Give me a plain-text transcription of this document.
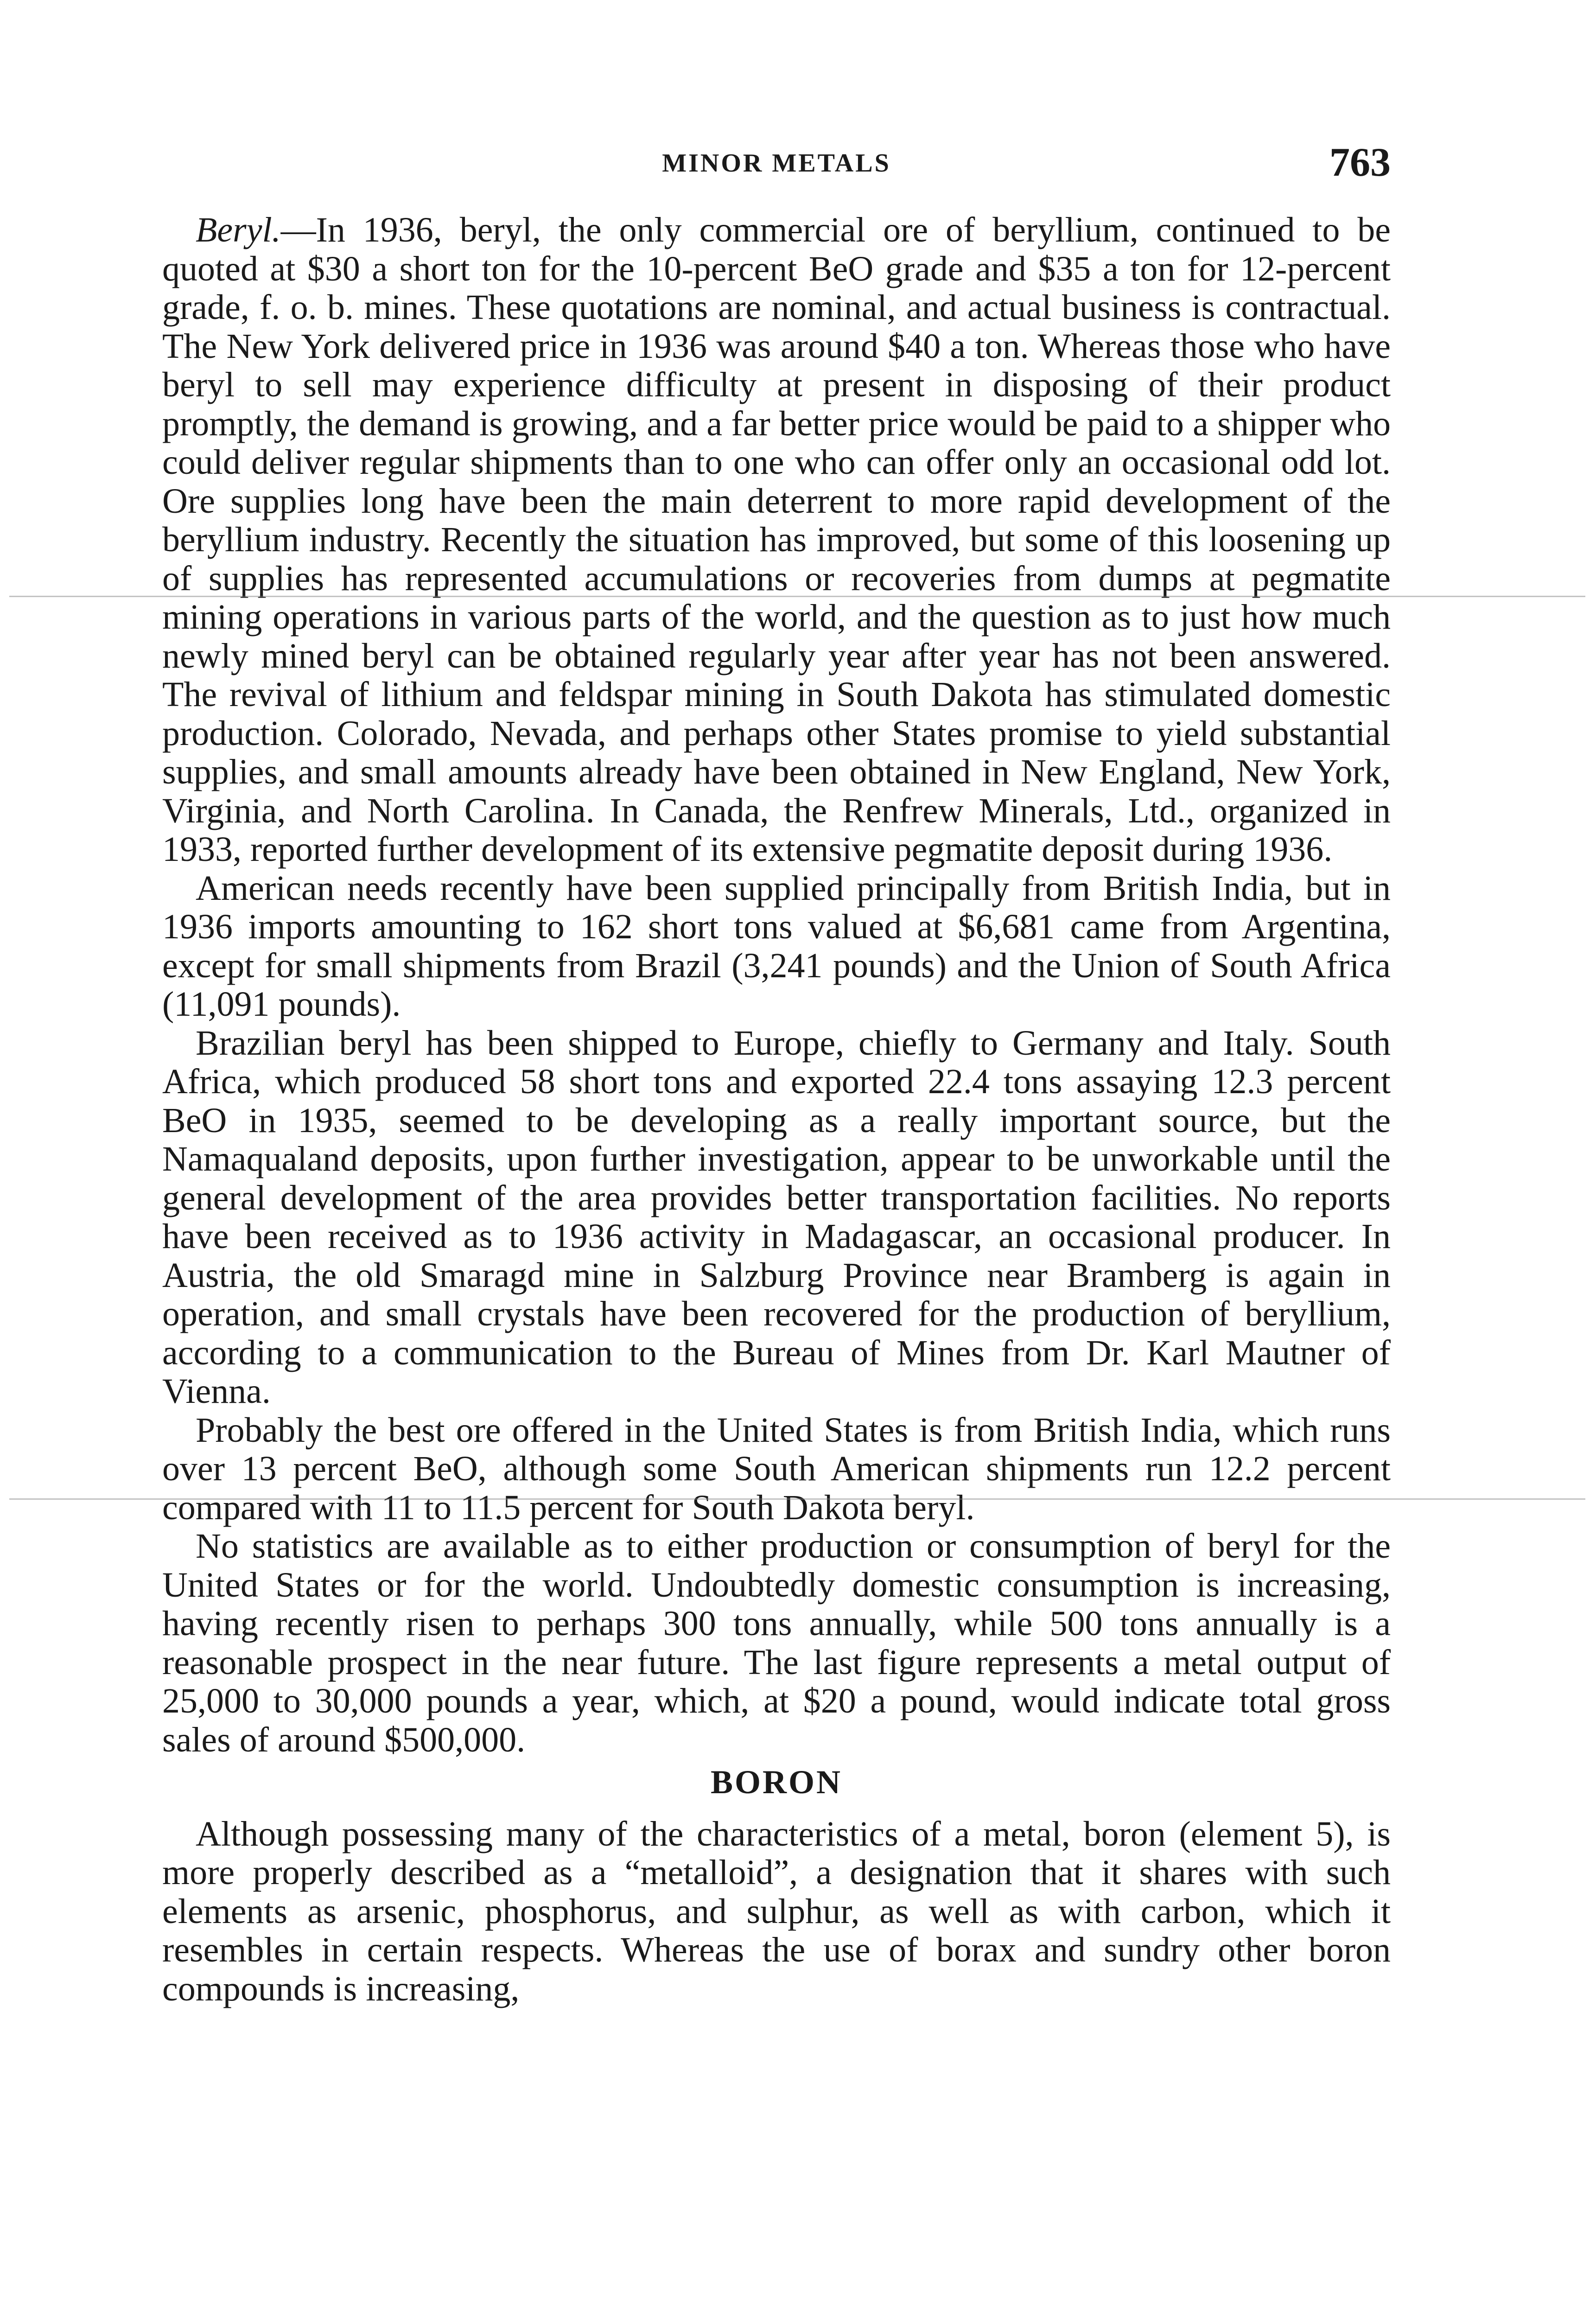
MINOR METALS	763

Beryl.—In 1936, beryl, the only commercial ore of beryllium, continued to be quoted at $30 a short ton for the 10-percent BeO grade and $35 a ton for 12-percent grade, f. o. b. mines. These quotations are nominal, and actual business is contractual. The New York delivered price in 1936 was around $40 a ton. Whereas those who have beryl to sell may experience difficulty at present in disposing of their product promptly, the demand is growing, and a far better price would be paid to a shipper who could deliver regular shipments than to one who can offer only an occasional odd lot. Ore supplies long have been the main deterrent to more rapid development of the beryllium industry. Recently the situation has improved, but some of this loosening up of supplies has represented accumulations or recoveries from dumps at pegmatite mining operations in various parts of the world, and the question as to just how much newly mined beryl can be obtained regularly year after year has not been answered. The revival of lithium and feldspar mining in South Dakota has stimulated domestic production. Colorado, Nevada, and perhaps other States promise to yield substantial supplies, and small amounts already have been obtained in New England, New York, Virginia, and North Carolina. In Canada, the Renfrew Minerals, Ltd., organized in 1933, reported further development of its extensive pegmatite deposit during 1936.

American needs recently have been supplied principally from British India, but in 1936 imports amounting to 162 short tons valued at $6,681 came from Argentina, except for small shipments from Brazil (3,241 pounds) and the Union of South Africa (11,091 pounds).

Brazilian beryl has been shipped to Europe, chiefly to Germany and Italy. South Africa, which produced 58 short tons and exported 22.4 tons assaying 12.3 percent BeO in 1935, seemed to be developing as a really important source, but the Namaqualand deposits, upon further investigation, appear to be unworkable until the general development of the area provides better transportation facilities. No reports have been received as to 1936 activity in Madagascar, an occasional producer. In Austria, the old Smaragd mine in Salzburg Province near Bramberg is again in operation, and small crystals have been recovered for the production of beryllium, according to a communication to the Bureau of Mines from Dr. Karl Mautner of Vienna.

Probably the best ore offered in the United States is from British India, which runs over 13 percent BeO, although some South American shipments run 12.2 percent compared with 11 to 11.5 percent for South Dakota beryl.

No statistics are available as to either production or consumption of beryl for the United States or for the world. Undoubtedly domestic consumption is increasing, having recently risen to perhaps 300 tons annually, while 500 tons annually is a reasonable prospect in the near future. The last figure represents a metal output of 25,000 to 30,000 pounds a year, which, at $20 a pound, would indicate total gross sales of around $500,000.

BORON

Although possessing many of the characteristics of a metal, boron (element 5), is more properly described as a “metalloid”, a designation that it shares with such elements as arsenic, phosphorus, and sulphur, as well as with carbon, which it resembles in certain respects. Whereas the use of borax and sundry other boron compounds is increasing,
